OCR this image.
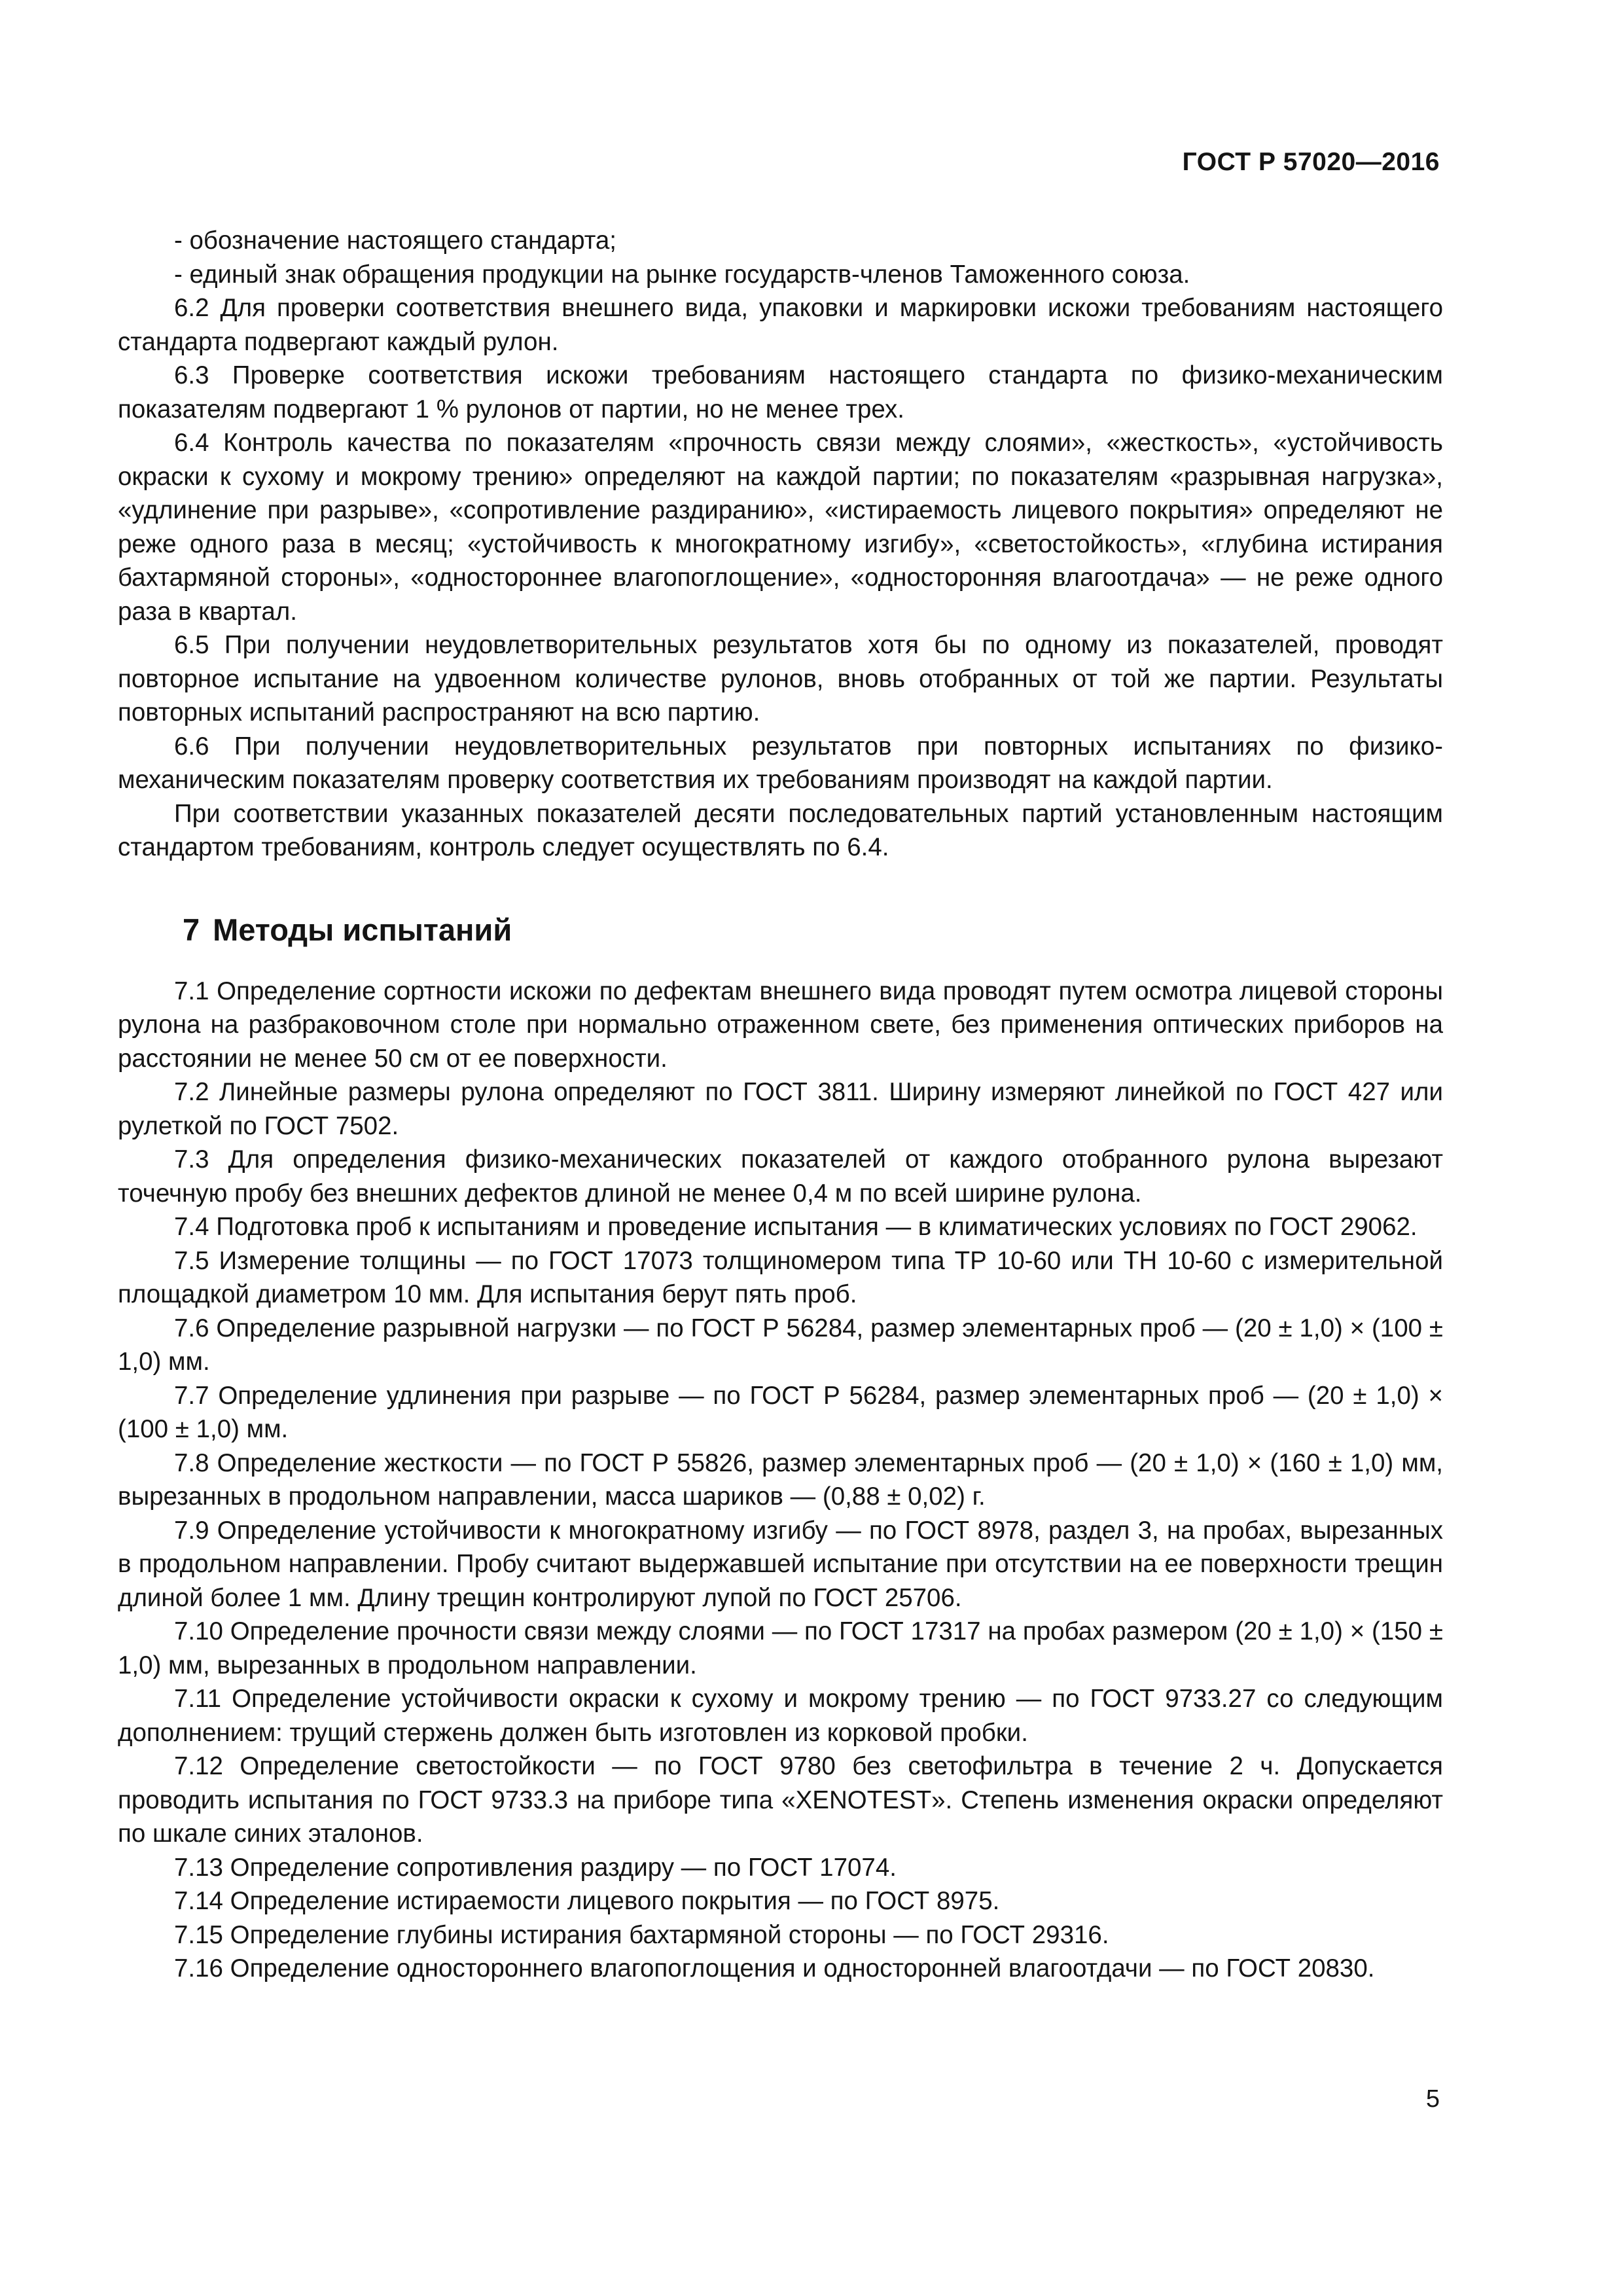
ГОСТ Р 57020—2016

- обозначение настоящего стандарта;

- единый знак обращения продукции на рынке государств-членов Таможенного союза.

6.2 Для проверки соответствия внешнего вида, упаковки и маркировки искожи требованиям настоящего стандарта подвергают каждый рулон.

6.3 Проверке соответствия искожи требованиям настоящего стандарта по физико-механическим показателям подвергают 1 % рулонов от партии, но не менее трех.

6.4 Контроль качества по показателям «прочность связи между слоями», «жесткость», «устойчивость окраски к сухому и мокрому трению» определяют на каждой партии; по показателям «разрывная нагрузка», «удлинение при разрыве», «сопротивление раздиранию», «истираемость лицевого покрытия» определяют не реже одного раза в месяц; «устойчивость к многократному изгибу», «светостойкость», «глубина истирания бахтармяной стороны», «одностороннее влагопоглощение», «односторонняя влагоотдача» — не реже одного раза в квартал.

6.5 При получении неудовлетворительных результатов хотя бы по одному из показателей, проводят повторное испытание на удвоенном количестве рулонов, вновь отобранных от той же партии. Результаты повторных испытаний распространяют на всю партию.

6.6 При получении неудовлетворительных результатов при повторных испытаниях по физико-механическим показателям проверку соответствия их требованиям производят на каждой партии.

При соответствии указанных показателей десяти последовательных партий установленным настоящим стандартом требованиям, контроль следует осуществлять по 6.4.

7 Методы испытаний

7.1 Определение сортности искожи по дефектам внешнего вида проводят путем осмотра лицевой стороны рулона на разбраковочном столе при нормально отраженном свете, без применения оптических приборов на расстоянии не менее 50 см от ее поверхности.

7.2 Линейные размеры рулона определяют по ГОСТ 3811. Ширину измеряют линейкой по ГОСТ 427 или рулеткой по ГОСТ 7502.

7.3 Для определения физико-механических показателей от каждого отобранного рулона вырезают точечную пробу без внешних дефектов длиной не менее 0,4 м по всей ширине рулона.

7.4 Подготовка проб к испытаниям и проведение испытания — в климатических условиях по ГОСТ 29062.

7.5 Измерение толщины — по ГОСТ 17073 толщиномером типа ТР 10-60 или ТН 10-60 с измерительной площадкой диаметром 10 мм. Для испытания берут пять проб.

7.6 Определение разрывной нагрузки — по ГОСТ Р 56284, размер элементарных проб — (20 ± 1,0) × (100 ± 1,0) мм.

7.7 Определение удлинения при разрыве — по ГОСТ Р 56284, размер элементарных проб — (20 ± 1,0) × (100 ± 1,0) мм.

7.8 Определение жесткости — по ГОСТ Р 55826, размер элементарных проб — (20 ± 1,0) × (160 ± 1,0) мм, вырезанных в продольном направлении, масса шариков — (0,88 ± 0,02) г.

7.9 Определение устойчивости к многократному изгибу — по ГОСТ 8978, раздел 3, на пробах, вырезанных в продольном направлении. Пробу считают выдержавшей испытание при отсутствии на ее поверхности трещин длиной более 1 мм. Длину трещин контролируют лупой по ГОСТ 25706.

7.10 Определение прочности связи между слоями — по ГОСТ 17317 на пробах размером (20 ± 1,0) × (150 ± 1,0) мм, вырезанных в продольном направлении.

7.11 Определение устойчивости окраски к сухому и мокрому трению — по ГОСТ 9733.27 со следующим дополнением: трущий стержень должен быть изготовлен из корковой пробки.

7.12 Определение светостойкости — по ГОСТ 9780 без светофильтра в течение 2 ч. Допускается проводить испытания по ГОСТ 9733.3 на приборе типа «XENOTEST». Степень изменения окраски определяют по шкале синих эталонов.

7.13 Определение сопротивления раздиру — по ГОСТ 17074.

7.14 Определение истираемости лицевого покрытия — по ГОСТ 8975.

7.15 Определение глубины истирания бахтармяной стороны — по ГОСТ 29316.

7.16 Определение одностороннего влагопоглощения и односторонней влагоотдачи — по ГОСТ 20830.

5
